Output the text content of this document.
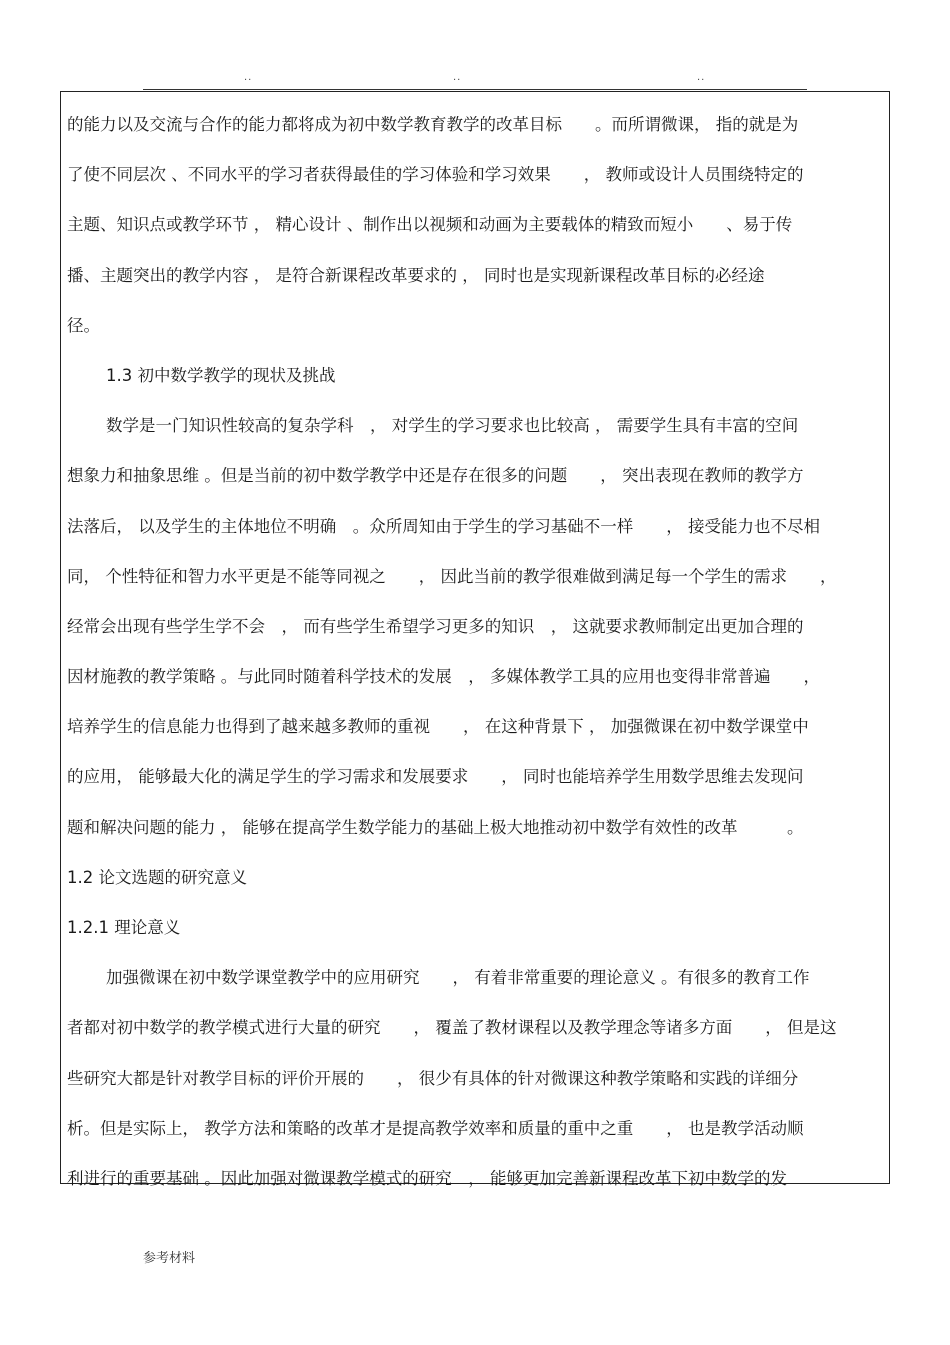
..	..	..
的能力以及交流与合作的能力都将成为初中数学教育教学的改革目标　　。而所谓微课， 指的就是为
了使不同层次 、不同水平的学习者获得最佳的学习体验和学习效果　　， 教师或设计人员围绕特定的
主题、知识点或教学环节 ， 精心设计 、制作出以视频和动画为主要载体的精致而短小　　、易于传
播、主题突出的教学内容 ， 是符合新课程改革要求的 ， 同时也是实现新课程改革目标的必经途
径。
1.3 初中数学教学的现状及挑战
数学是一门知识性较高的复杂学科　， 对学生的学习要求也比较高 ， 需要学生具有丰富的空间
想象力和抽象思维 。但是当前的初中数学教学中还是存在很多的问题　　， 突出表现在教师的教学方
法落后， 以及学生的主体地位不明确　。众所周知由于学生的学习基础不一样　　， 接受能力也不尽相
同， 个性特征和智力水平更是不能等同视之　　， 因此当前的教学很难做到满足每一个学生的需求　　，
经常会出现有些学生学不会　， 而有些学生希望学习更多的知识　， 这就要求教师制定出更加合理的
因材施教的教学策略 。与此同时随着科学技术的发展　， 多媒体教学工具的应用也变得非常普遍　　，
培养学生的信息能力也得到了越来越多教师的重视　　， 在这种背景下 ， 加强微课在初中数学课堂中
的应用， 能够最大化的满足学生的学习需求和发展要求　　， 同时也能培养学生用数学思维去发现问
题和解决问题的能力 ， 能够在提高学生数学能力的基础上极大地推动初中数学有效性的改革　　　。
1.2 论文选题的研究意义
1.2.1 理论意义
加强微课在初中数学课堂教学中的应用研究　　， 有着非常重要的理论意义 。有很多的教育工作
者都对初中数学的教学模式进行大量的研究　　， 覆盖了教材课程以及教学理念等诸多方面　　， 但是这
些研究大都是针对教学目标的评价开展的　　， 很少有具体的针对微课这种教学策略和实践的详细分
析。但是实际上， 教学方法和策略的改革才是提高教学效率和质量的重中之重　　， 也是教学活动顺
利进行的重要基础 。因此加强对微课教学模式的研究　， 能够更加完善新课程改革下初中数学的发
参考材料
